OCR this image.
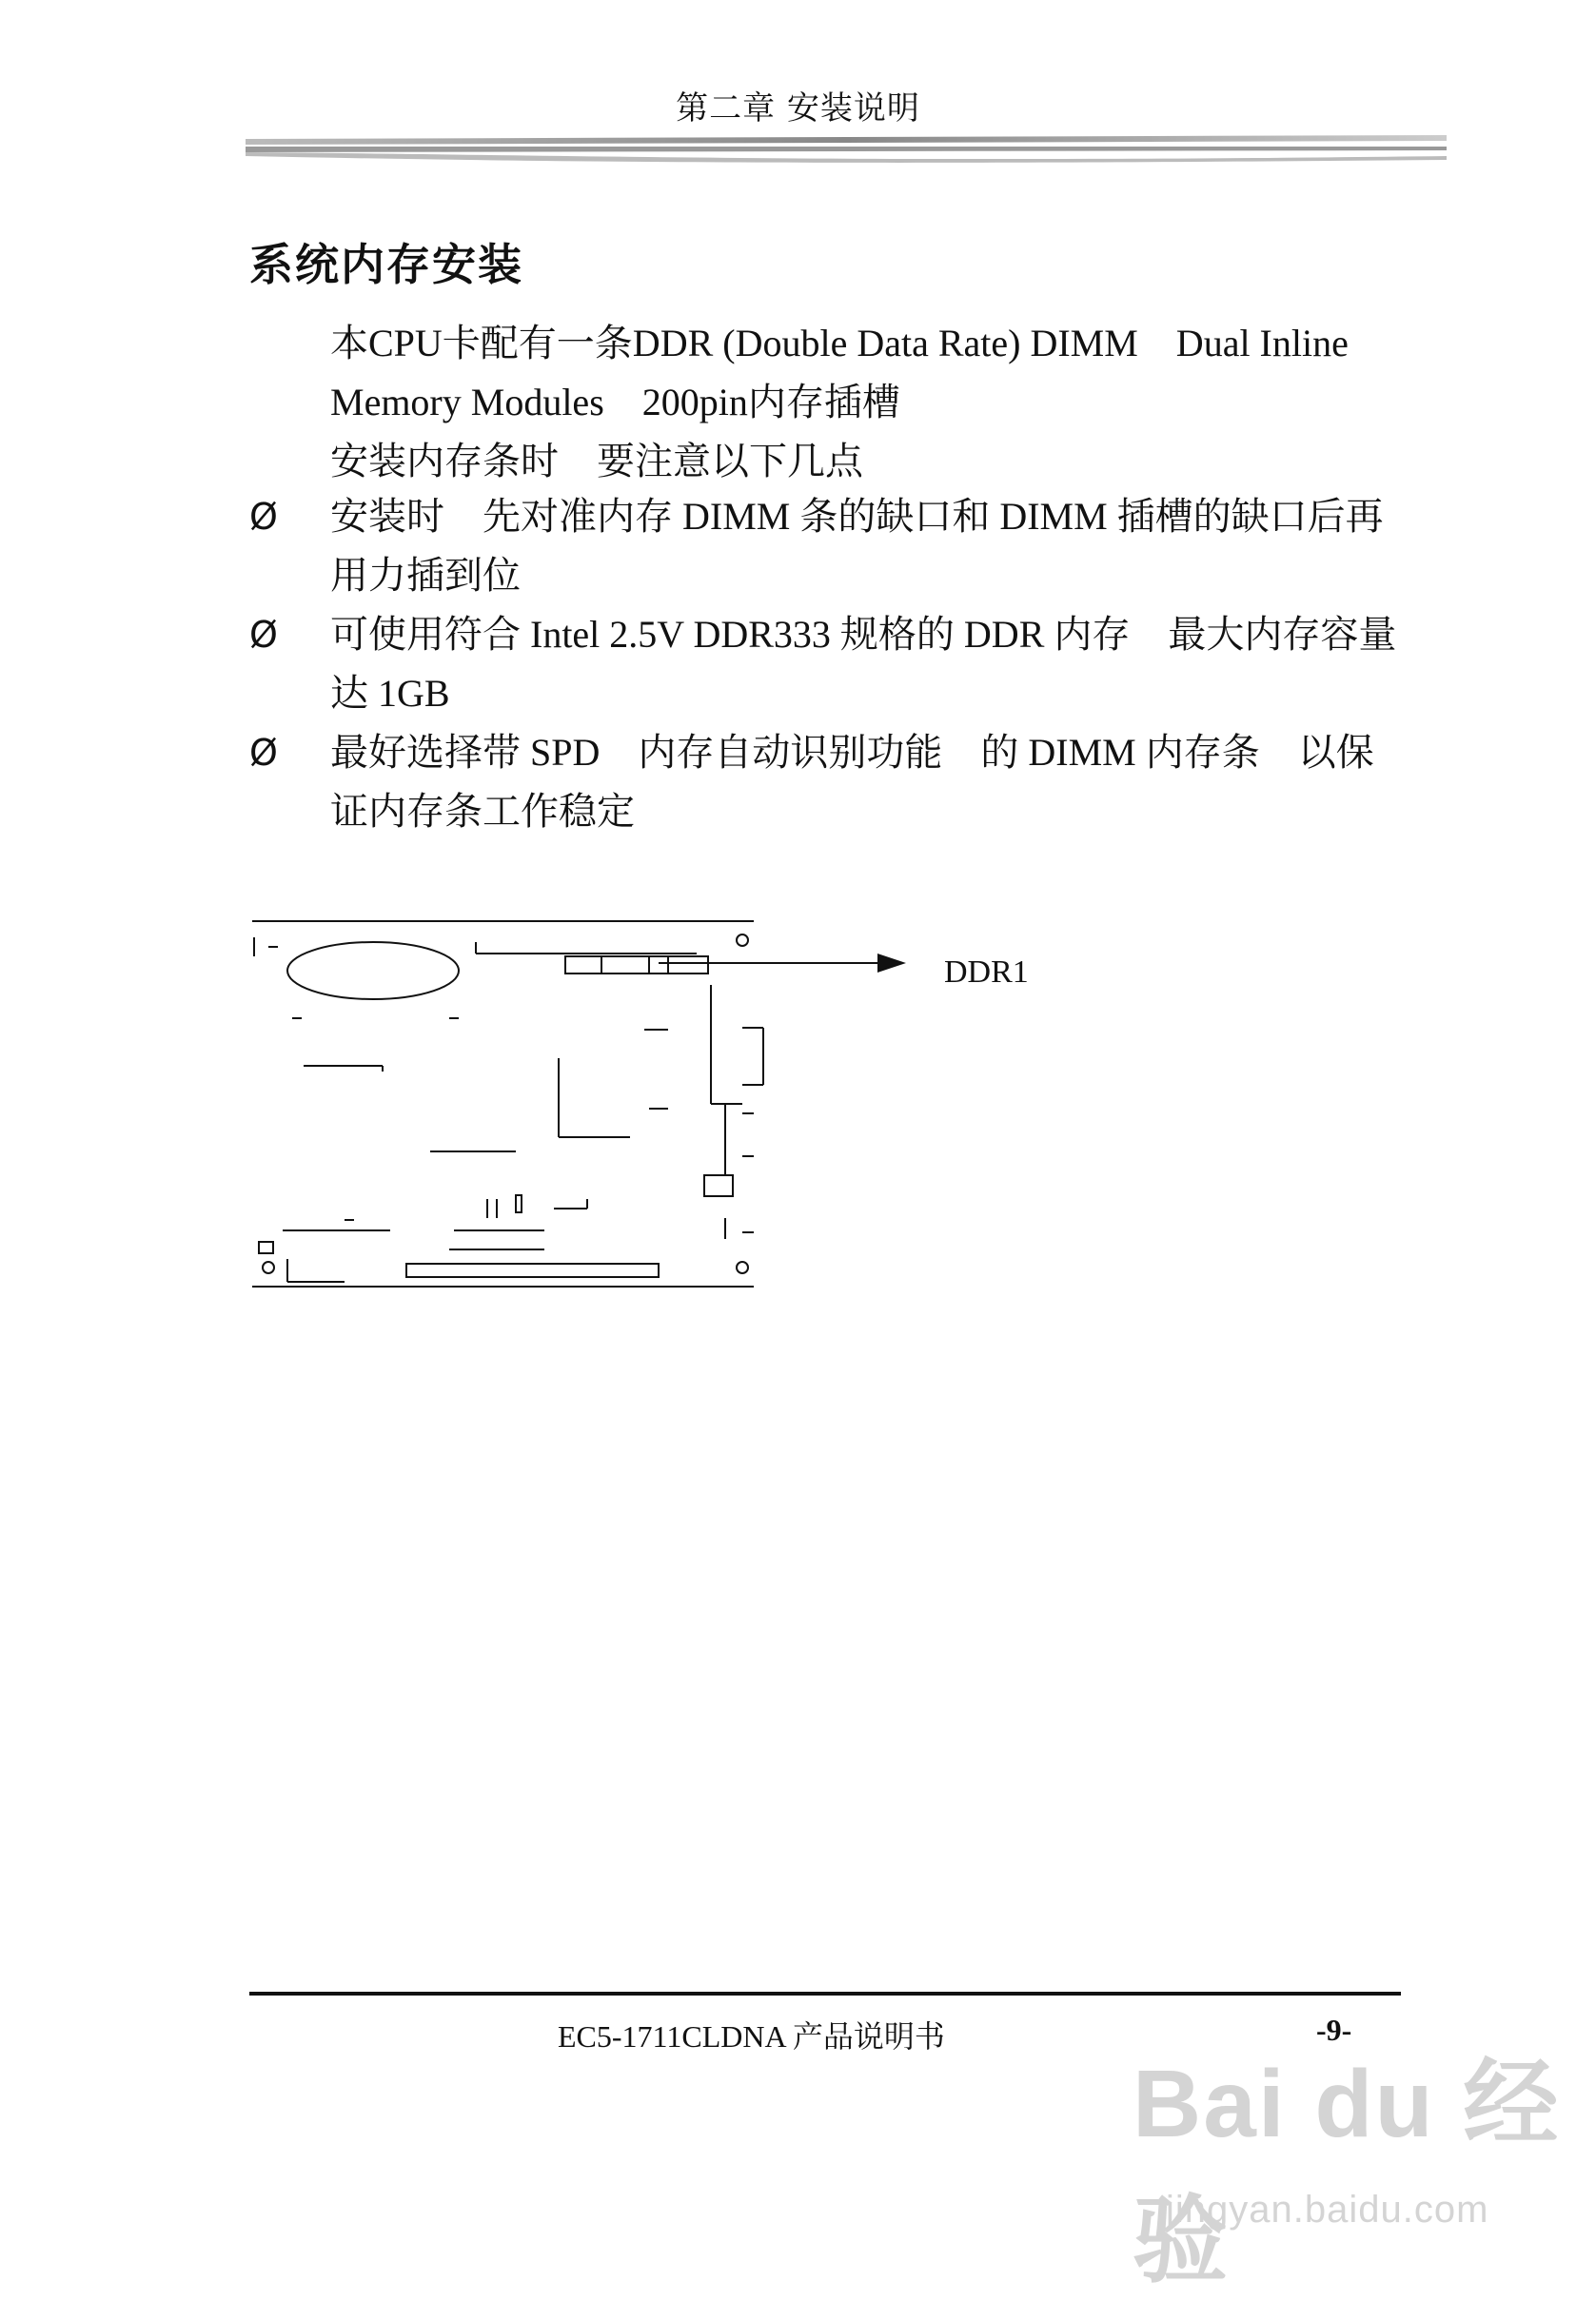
第二章 安装说明
系统内存安装
本CPU卡配有一条DDR (Double Data Rate) DIMM　Dual Inline
Memory Modules　200pin内存插槽
安装内存条时　要注意以下几点
Ø 安装时　先对准内存 DIMM 条的缺口和 DIMM 插槽的缺口后再用力插到位
Ø 可使用符合 Intel 2.5V DDR333 规格的 DDR 内存　最大内存容量达 1GB
Ø 最好选择带 SPD　内存自动识别功能　的 DIMM 内存条　以保证内存条工作稳定
DDR1
EC5-1711CLDNA 产品说明书	-9-
Bai du 经验
jingyan.baidu.com
